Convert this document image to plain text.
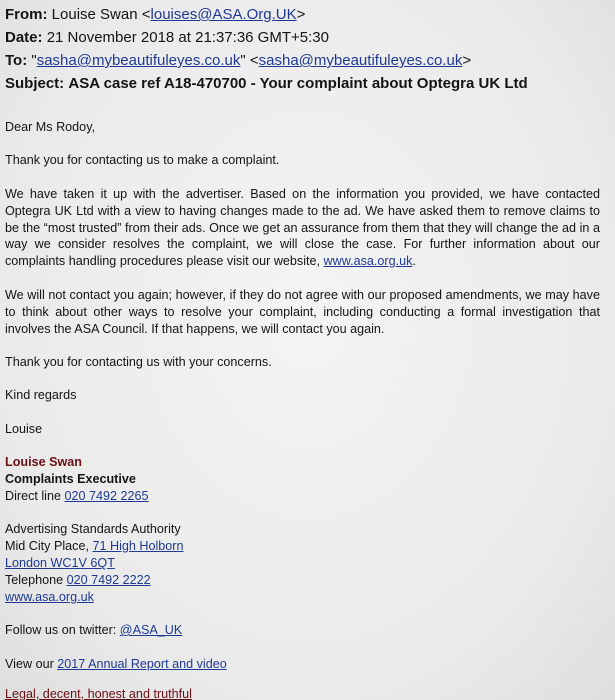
From: Louise Swan <louises@ASA.Org.UK>
Date: 21 November 2018 at 21:37:36 GMT+5:30
To: "sasha@mybeautifuleyes.co.uk" <sasha@mybeautifuleyes.co.uk>
Subject: ASA case ref A18-470700 - Your complaint about Optegra UK Ltd

Dear Ms Rodoy,

Thank you for contacting us to make a complaint.

We have taken it up with the advertiser. Based on the information you provided, we have contacted Optegra UK Ltd with a view to having changes made to the ad. We have asked them to remove claims to be the “most trusted” from their ads. Once we get an assurance from them that they will change the ad in a way we consider resolves the complaint, we will close the case. For further information about our complaints handling procedures please visit our website, www.asa.org.uk.

We will not contact you again; however, if they do not agree with our proposed amendments, we may have to think about other ways to resolve your complaint, including conducting a formal investigation that involves the ASA Council. If that happens, we will contact you again.

Thank you for contacting us with your concerns.

Kind regards

Louise

Louise Swan

Complaints Executive

Direct line 020 7492 2265

Advertising Standards Authority

Mid City Place, 71 High Holborn

London WC1V 6QT

Telephone 020 7492 2222

www.asa.org.uk

Follow us on twitter: @ASA_UK

View our 2017 Annual Report and video

Legal, decent, honest and truthful
